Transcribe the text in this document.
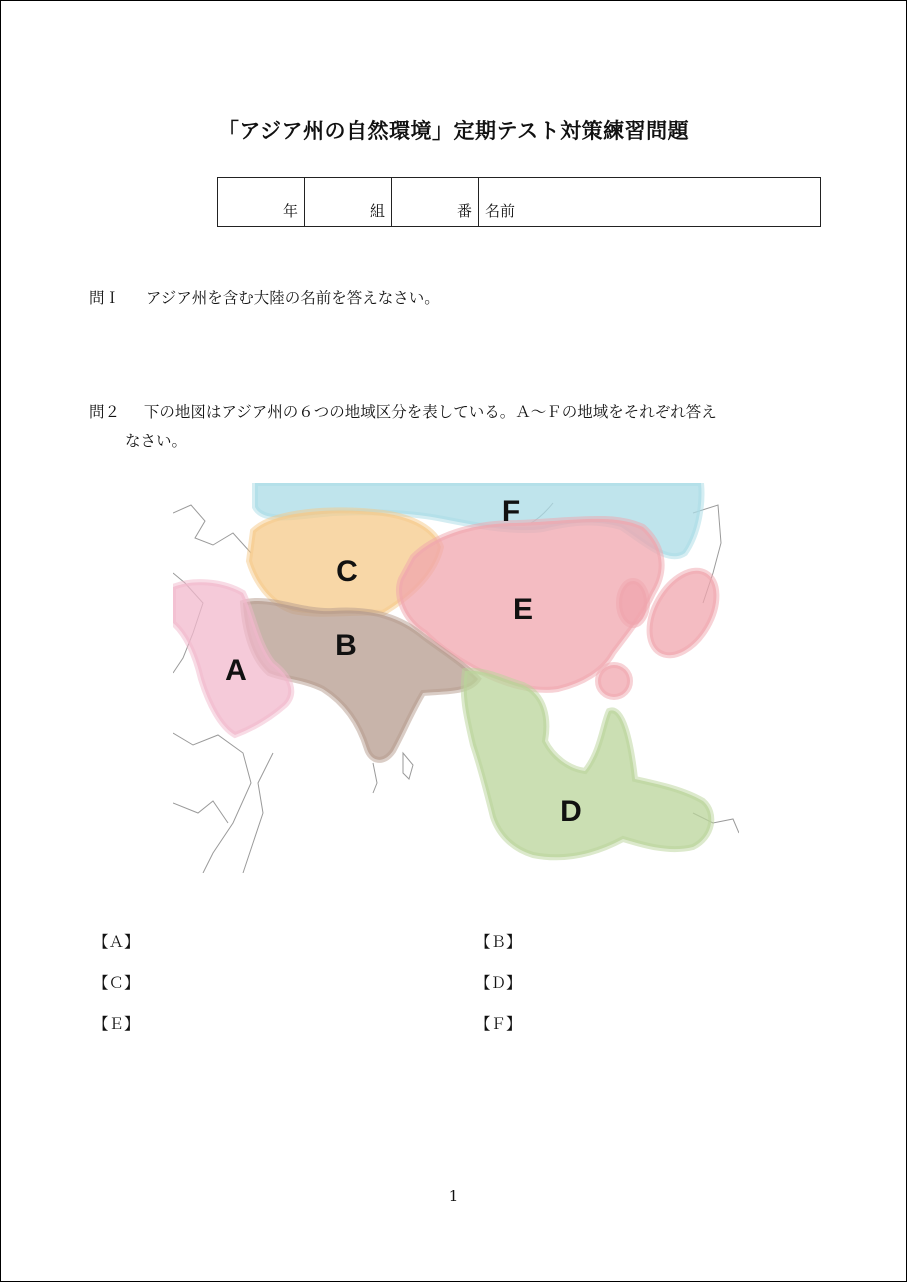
「アジア州の自然環境」定期テスト対策練習問題
年	組	番	名前
問Ｉ アジア州を含む大陸の名前を答えなさい。
問２ 下の地図はアジア州の６つの地域区分を表している。Ａ～Ｆの地域をそれぞれ答え
なさい。
A
B
C
D
E
F
【Ａ】	【Ｂ】
【Ｃ】	【Ｄ】
【Ｅ】	【Ｆ】
1
